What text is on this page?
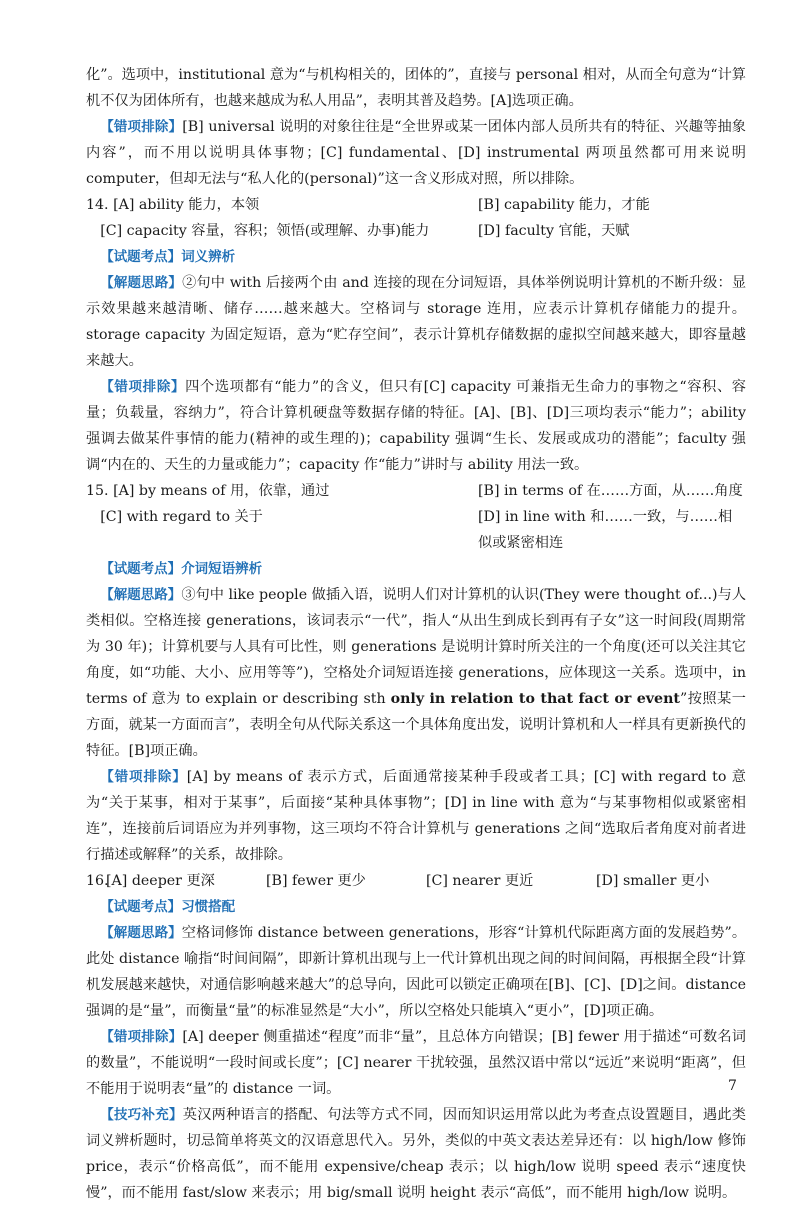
化”。选项中，institutional 意为“与机构相关的，团体的”，直接与 personal 相对，从而全句意为“计算机不仅为团体所有，也越来越成为私人用品”，表明其普及趋势。[A]选项正确。

【错项排除】[B] universal 说明的对象往往是“全世界或某一团体内部人员所共有的特征、兴趣等抽象内容”，而不用以说明具体事物；[C] fundamental、[D] instrumental 两项虽然都可用来说明 computer，但却无法与“私人化的(personal)”这一含义形成对照，所以排除。

14. [A] ability 能力，本领	[B] capability 能力，才能
[C] capacity 容量，容积；领悟(或理解、办事)能力	[D] faculty 官能，天赋

【试题考点】词义辨析

【解题思路】②句中 with 后接两个由 and 连接的现在分词短语，具体举例说明计算机的不断升级：显示效果越来越清晰、储存……越来越大。空格词与 storage 连用，应表示计算机存储能力的提升。storage capacity 为固定短语，意为“贮存空间”，表示计算机存储数据的虚拟空间越来越大，即容量越来越大。

【错项排除】四个选项都有“能力”的含义，但只有[C] capacity 可兼指无生命力的事物之“容积、容量；负载量，容纳力”，符合计算机硬盘等数据存储的特征。[A]、[B]、[D]三项均表示“能力”；ability 强调去做某件事情的能力(精神的或生理的)；capability 强调“生长、发展或成功的潜能”；faculty 强调“内在的、天生的力量或能力”；capacity 作“能力”讲时与 ability 用法一致。

15. [A] by means of 用，依靠，通过	[B] in terms of 在……方面，从……角度
[C] with regard to 关于	[D] in line with 和……一致，与……相似或紧密相连

【试题考点】介词短语辨析

【解题思路】③句中 like people 做插入语，说明人们对计算机的认识(They were thought of...)与人类相似。空格连接 generations，该词表示“一代”，指人“从出生到成长到再有子女”这一时间段(周期常为 30 年)；计算机要与人具有可比性，则 generations 是说明计算时所关注的一个角度(还可以关注其它角度，如“功能、大小、应用等等”)，空格处介词短语连接 generations，应体现这一关系。选项中，in terms of 意为 to explain or describing sth only in relation to that fact or event”按照某一方面，就某一方面而言”，表明全句从代际关系这一个具体角度出发，说明计算机和人一样具有更新换代的特征。[B]项正确。

【错项排除】[A] by means of 表示方式，后面通常接某种手段或者工具；[C] with regard to 意为“关于某事，相对于某事”，后面接“某种具体事物”；[D] in line with 意为“与某事物相似或紧密相连”，连接前后词语应为并列事物，这三项均不符合计算机与 generations 之间“选取后者角度对前者进行描述或解释”的关系，故排除。

16.
[A] deeper 更深	[B] fewer 更少	[C] nearer 更近	[D] smaller 更小

【试题考点】习惯搭配

【解题思路】空格词修饰 distance between generations，形容“计算机代际距离方面的发展趋势”。此处 distance 喻指“时间间隔”，即新计算机出现与上一代计算机出现之间的时间间隔，再根据全段“计算机发展越来越快，对通信影响越来越大”的总导向，因此可以锁定正确项在[B]、[C]、[D]之间。distance 强调的是“量”，而衡量“量”的标准显然是“大小”，所以空格处只能填入“更小”，[D]项正确。

【错项排除】[A] deeper 侧重描述“程度”而非“量”，且总体方向错误；[B] fewer 用于描述“可数名词的数量”，不能说明“一段时间或长度”；[C] nearer 干扰较强，虽然汉语中常以“远近”来说明“距离”，但不能用于说明表“量”的 distance 一词。

【技巧补充】英汉两种语言的搭配、句法等方式不同，因而知识运用常以此为考查点设置题目，遇此类词义辨析题时，切忌简单将英文的汉语意思代入。另外，类似的中英文表达差异还有：以 high/low 修饰 price，表示“价格高低”，而不能用 expensive/cheap 表示；以 high/low 说明 speed 表示“速度快慢”，而不能用 fast/slow 来表示；用 big/small 说明 height 表示“高低”，而不能用 high/low 说明。

7
